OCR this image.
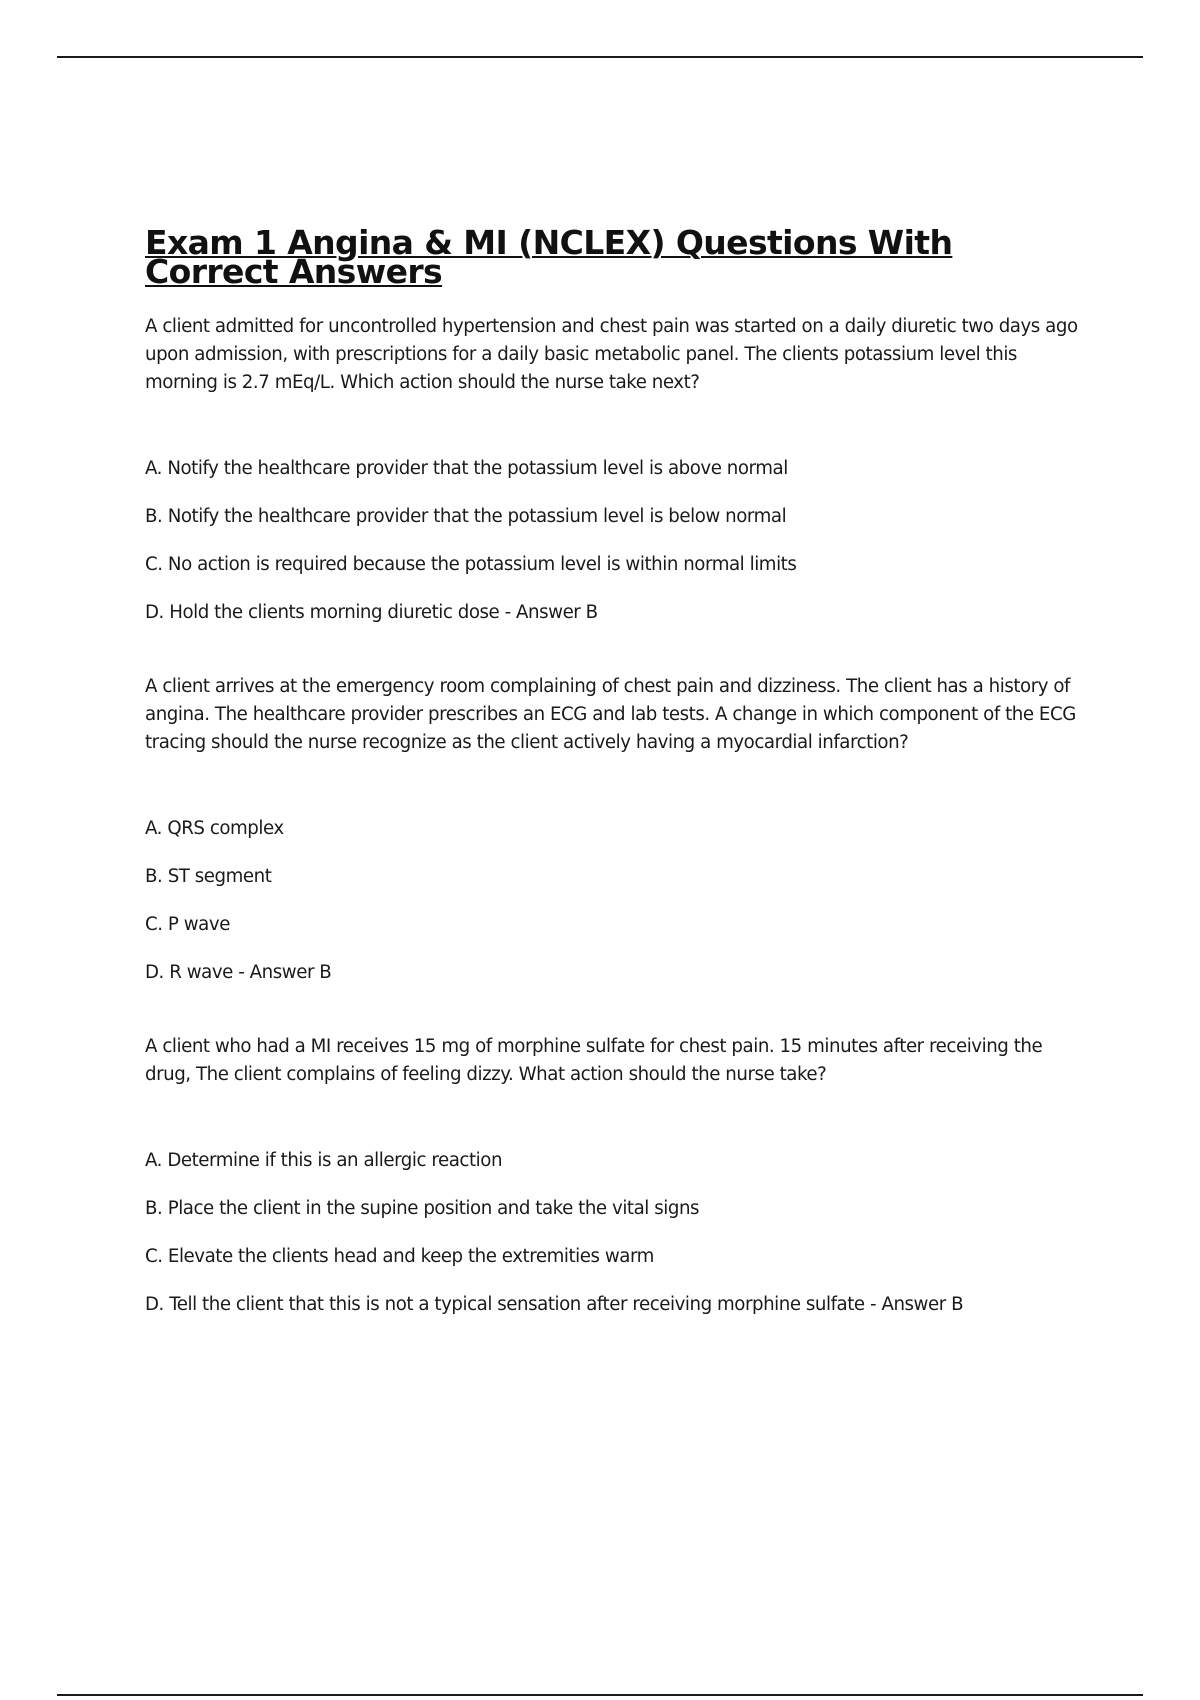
Exam 1 Angina & MI (NCLEX) Questions With Correct Answers

A client admitted for uncontrolled hypertension and chest pain was started on a daily diuretic two days ago upon admission, with prescriptions for a daily basic metabolic panel. The clients potassium level this morning is 2.7 mEq/L. Which action should the nurse take next?

A. Notify the healthcare provider that the potassium level is above normal
B. Notify the healthcare provider that the potassium level is below normal
C. No action is required because the potassium level is within normal limits
D. Hold the clients morning diuretic dose - Answer B

A client arrives at the emergency room complaining of chest pain and dizziness. The client has a history of angina. The healthcare provider prescribes an ECG and lab tests. A change in which component of the ECG tracing should the nurse recognize as the client actively having a myocardial infarction?

A. QRS complex
B. ST segment
C. P wave
D. R wave - Answer B

A client who had a MI receives 15 mg of morphine sulfate for chest pain. 15 minutes after receiving the drug, The client complains of feeling dizzy. What action should the nurse take?

A. Determine if this is an allergic reaction
B. Place the client in the supine position and take the vital signs
C. Elevate the clients head and keep the extremities warm
D. Tell the client that this is not a typical sensation after receiving morphine sulfate - Answer B
